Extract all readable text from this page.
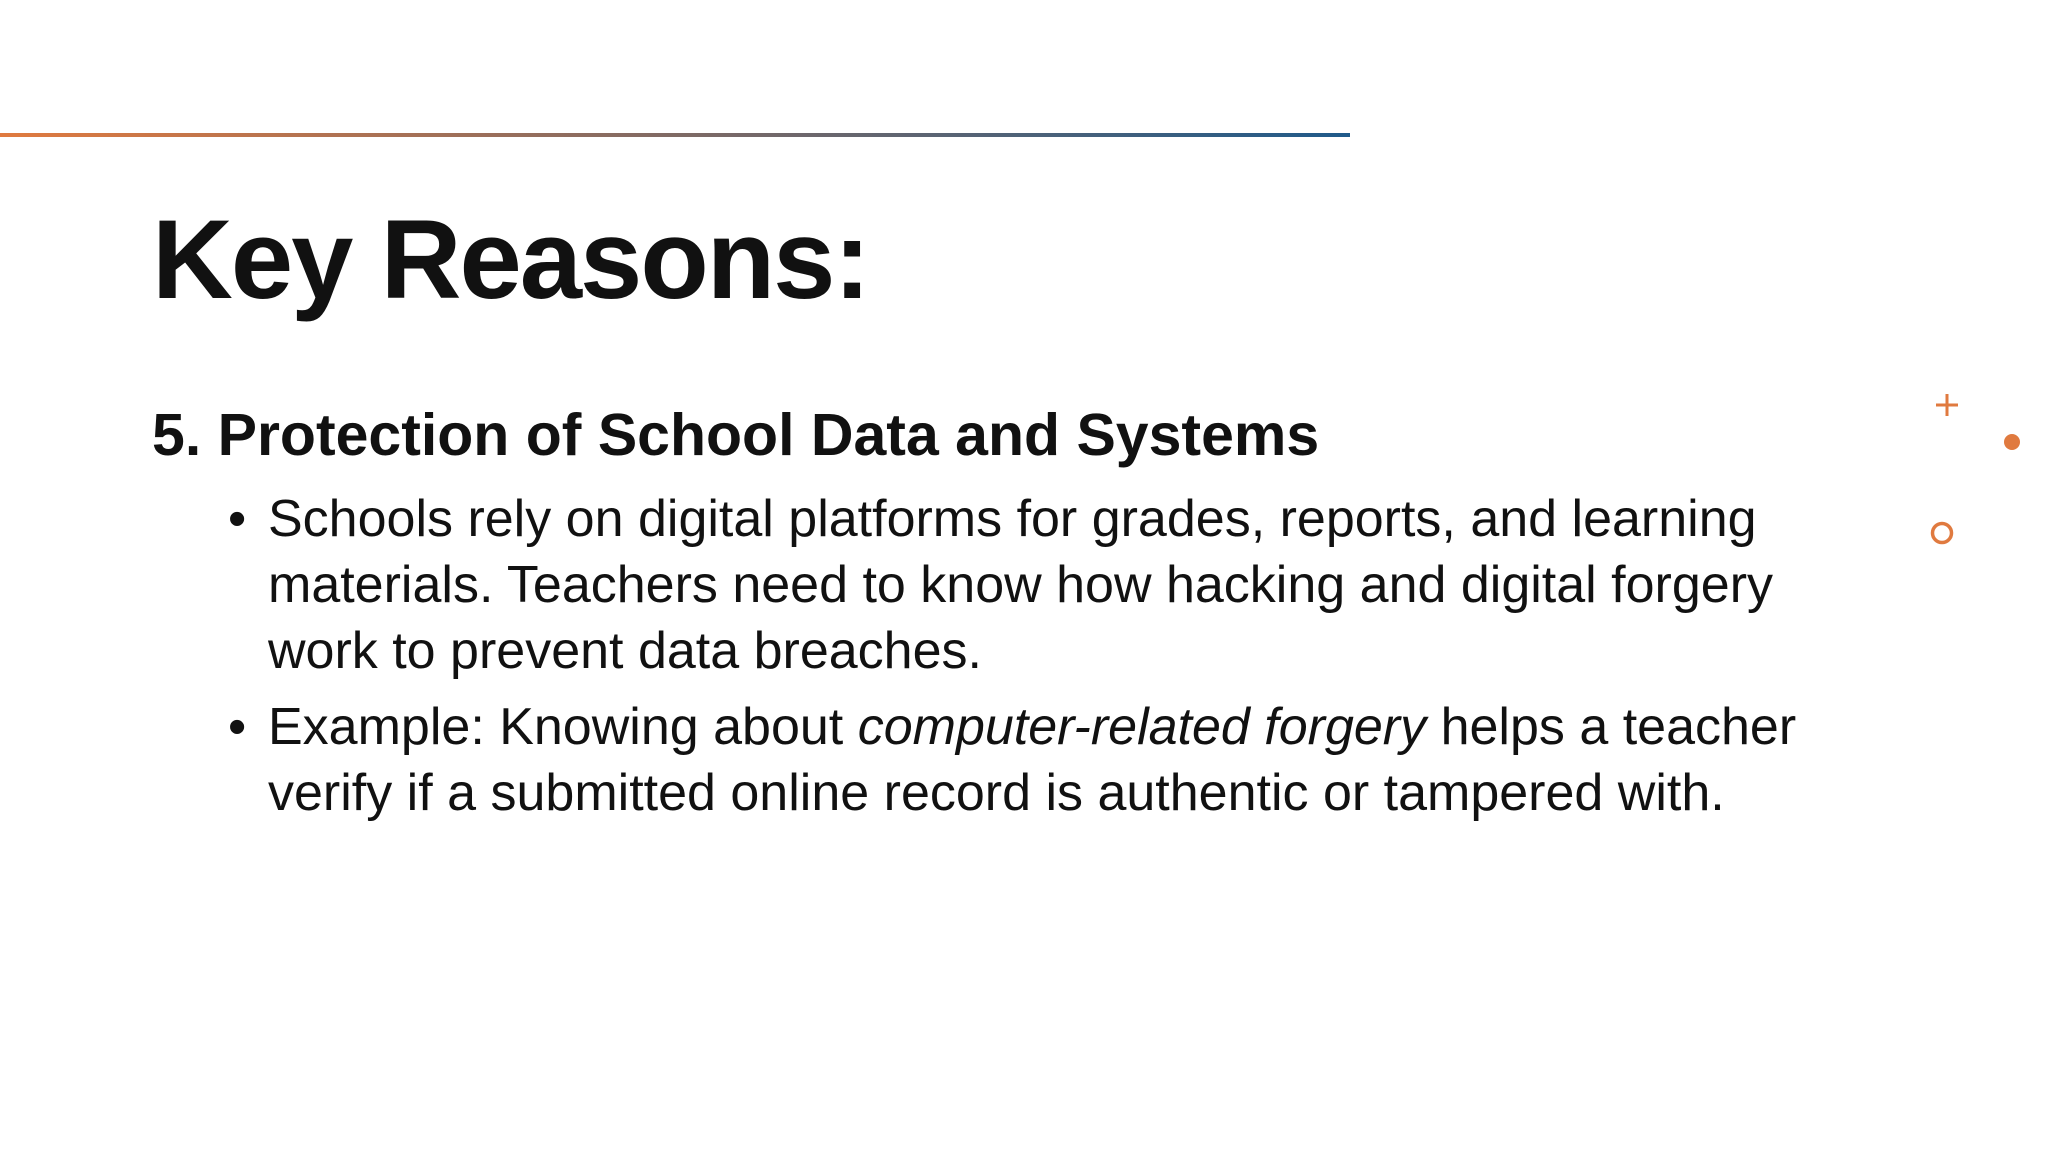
Key Reasons:
5. Protection of School Data and Systems
• Schools rely on digital platforms for grades, reports, and learning materials. Teachers need to know how hacking and digital forgery work to prevent data breaches.
• Example: Knowing about computer-related forgery helps a teacher verify if a submitted online record is authentic or tampered with.
